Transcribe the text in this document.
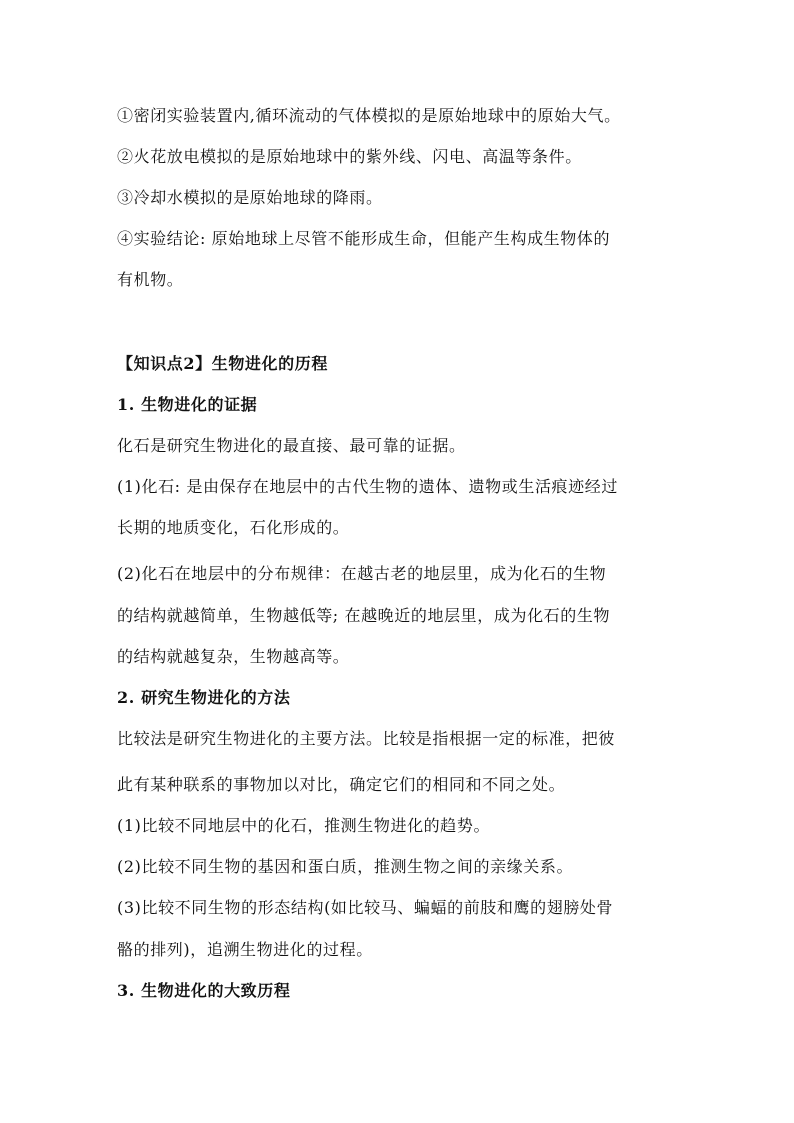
①密闭实验装置内,循环流动的气体模拟的是原始地球中的原始大气。
②火花放电模拟的是原始地球中的紫外线、闪电、高温等条件。
③冷却水模拟的是原始地球的降雨。
④实验结论: 原始地球上尽管不能形成生命，但能产生构成生物体的
有机物。
【知识点2】生物进化的历程
1. 生物进化的证据
化石是研究生物进化的最直接、最可靠的证据。
(1)化石: 是由保存在地层中的古代生物的遗体、遗物或生活痕迹经过
长期的地质变化，石化形成的。
(2)化石在地层中的分布规律：在越古老的地层里，成为化石的生物
的结构就越简单，生物越低等; 在越晚近的地层里，成为化石的生物
的结构就越复杂，生物越高等。
2. 研究生物进化的方法
比较法是研究生物进化的主要方法。比较是指根据一定的标准，把彼
此有某种联系的事物加以对比，确定它们的相同和不同之处。
(1)比较不同地层中的化石，推测生物进化的趋势。
(2)比较不同生物的基因和蛋白质，推测生物之间的亲缘关系。
(3)比较不同生物的形态结构(如比较马、蝙蝠的前肢和鹰的翅膀处骨
骼的排列)，追溯生物进化的过程。
3. 生物进化的大致历程
